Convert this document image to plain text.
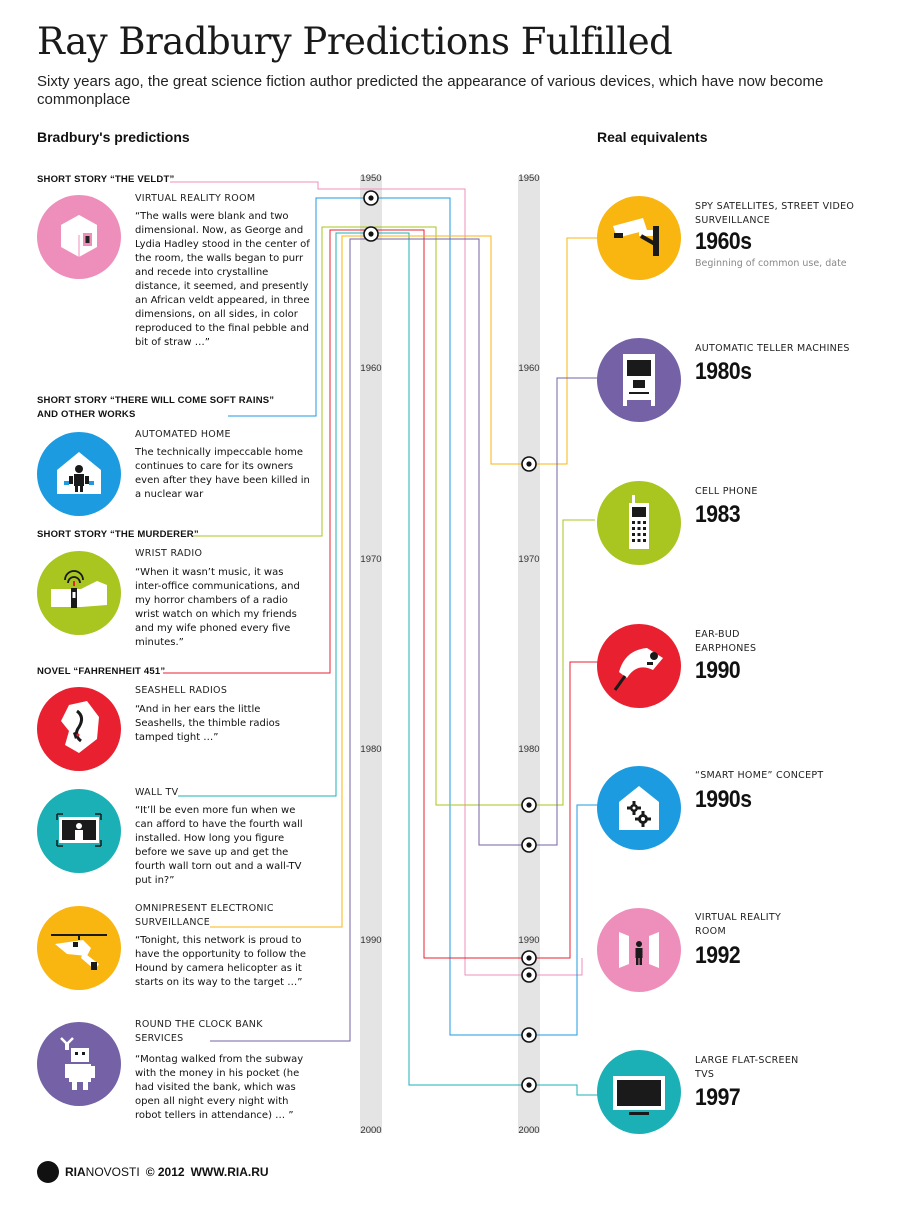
Ray Bradbury Predictions Fulfilled
Sixty years ago, the great science fiction author predicted the appearance of various devices, which have now become commonplace
Bradbury's predictions	Real equivalents
1950
1960
1970
1980
1990
2000
1950
1960
1970
1980
1990
2000
SHORT STORY “THE VELDT”
SHORT STORY “THERE WILL COME SOFT RAINS”
AND OTHER WORKS
SHORT STORY “THE MURDERER”
NOVEL “FAHRENHEIT 451”
VIRTUAL REALITY ROOM
“The walls were blank and two dimensional. Now, as George and Lydia Hadley stood in the center of the room, the walls began to purr and recede into crystalline distance, it seemed, and presently an African veldt appeared, in three dimensions, on all sides, in color reproduced to the final pebble and bit of straw …”
AUTOMATED HOME
The technically impeccable home continues to care for its owners even after they have been killed in a nuclear war
WRIST RADIO
“When it wasn’t music, it was inter-office communications, and my horror chambers of a radio wrist watch on which my friends and my wife phoned every five minutes.”
SEASHELL RADIOS
“And in her ears the little Seashells, the thimble radios tamped tight …”
WALL TV
“It’ll be even more fun when we can afford to have the fourth wall installed. How long you figure before we save up and get the fourth wall torn out and a wall-TV put in?”
OMNIPRESENT ELECTRONIC SURVEILLANCE
“Tonight, this network is proud to have the opportunity to follow the Hound by camera helicopter as it starts on its way to the target …”
ROUND THE CLOCK BANK SERVICES
“Montag walked from the subway with the money in his pocket (he had visited the bank, which was open all night every night with robot tellers in attendance) … ”
SPY SATELLITES, STREET VIDEO SURVEILLANCE
1960s
Beginning of common use, date
AUTOMATIC TELLER MACHINES
1980s
CELL PHONE
1983
EAR-BUD EARPHONES
1990
“SMART HOME” CONCEPT
1990s
VIRTUAL REALITY ROOM
1992
LARGE FLAT-SCREEN TVS
1997
RIANOVOSTI © 2012 WWW.RIA.RU
